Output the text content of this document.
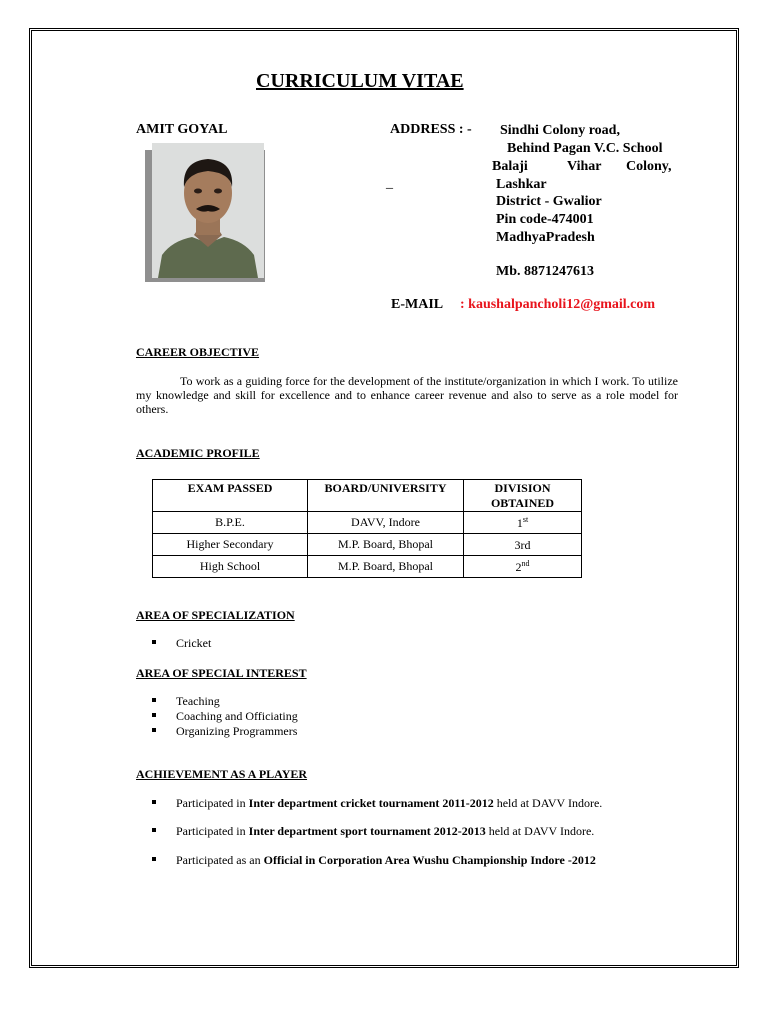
CURRICULUM VITAE
AMIT GOYAL	ADDRESS : - Sindhi Colony road,
Behind Pagan V.C. School
Balaji	Vihar Colony,
_	Lashkar
District - Gwalior
Pin code-474001
MadhyaPradesh
Mb. 8871247613
E-MAIL : kaushalpancholi12@gmail.com
CAREER OBJECTIVE
To work as a guiding force for the development of the institute/organization in which I work. To utilize my knowledge and skill for excellence and to enhance career revenue and also to serve as a role model for others.
ACADEMIC PROFILE
EXAM PASSED	BOARD/UNIVERSITY	DIVISION OBTAINED
B.P.E.	DAVV, Indore	1st
Higher Secondary	M.P. Board, Bhopal	3rd
High School	M.P. Board, Bhopal	2nd
AREA OF SPECIALIZATION
Cricket
AREA OF SPECIAL INTEREST
Teaching
Coaching and Officiating
Organizing Programmers
ACHIEVEMENT AS A PLAYER
Participated in Inter department cricket tournament 2011-2012 held at DAVV Indore.
Participated in Inter department sport tournament 2012-2013 held at DAVV Indore.
Participated as an Official in Corporation Area Wushu Championship Indore -2012
